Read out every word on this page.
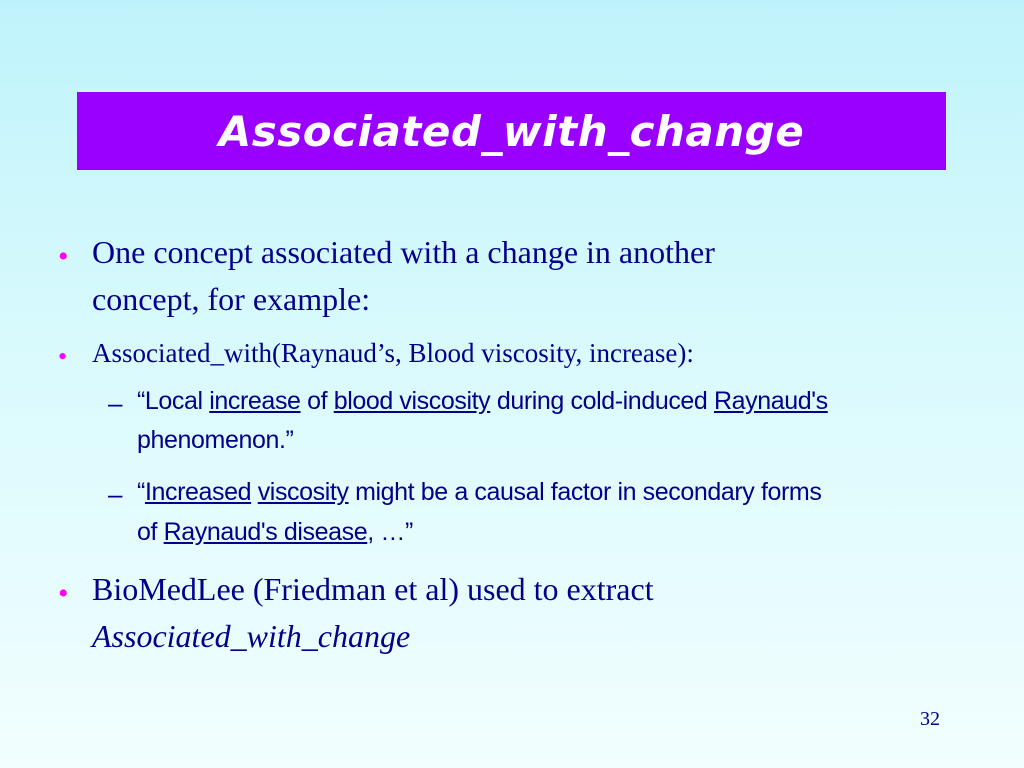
Associated_with_change
• One concept associated with a change in another
concept, for example:
• Associated_with(Raynaud’s, Blood viscosity, increase):
– “Local increase of blood viscosity during cold-induced Raynaud's
phenomenon.”
– “Increased viscosity might be a causal factor in secondary forms
of Raynaud's disease, …”
• BioMedLee (Friedman et al) used to extract
Associated_with_change
32
